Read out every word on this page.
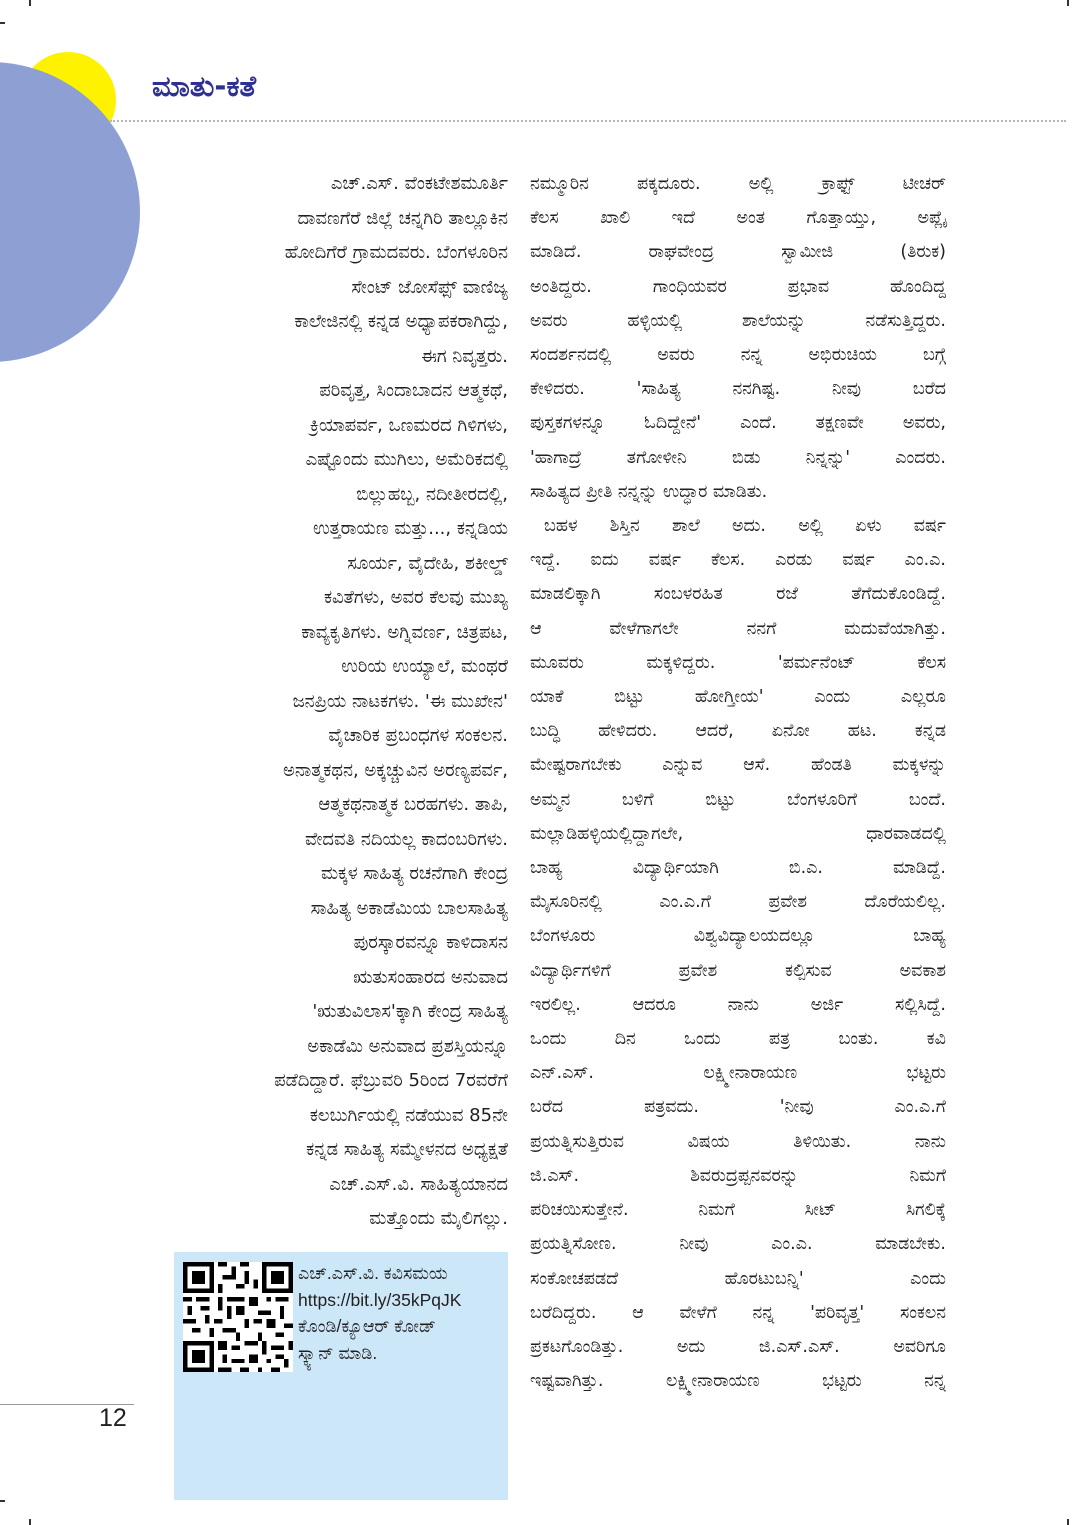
ಮಾತು-ಕತೆ

ಎಚ್.ಎಸ್. ವೆಂಕಟೇಶಮೂರ್ತಿ
ದಾವಣಗೆರೆ ಜಿಲ್ಲೆ ಚನ್ನಗಿರಿ ತಾಲ್ಲೂಕಿನ
ಹೋದಿಗೆರೆ ಗ್ರಾಮದವರು. ಬೆಂಗಳೂರಿನ
ಸೇಂಟ್ ಜೋಸೆಫ್ಸ್ ವಾಣಿಜ್ಯ
ಕಾಲೇಜಿನಲ್ಲಿ ಕನ್ನಡ ಅಧ್ಯಾಪಕರಾಗಿದ್ದು,
ಈಗ ನಿವೃತ್ತರು.

ಪರಿವೃತ್ತ, ಸಿಂದಾಬಾದನ ಆತ್ಮಕಥೆ,
ಕ್ರಿಯಾಪರ್ವ, ಒಣಮರದ ಗಿಳಿಗಳು,
ಎಷ್ಟೊಂದು ಮುಗಿಲು, ಅಮೆರಿಕದಲ್ಲಿ
ಬಿಲ್ಲುಹಬ್ಬ, ನದೀತೀರದಲ್ಲಿ,
ಉತ್ತರಾಯಣ ಮತ್ತು..., ಕನ್ನಡಿಯ
ಸೂರ್ಯ, ವೈದೇಹಿ, ಶಕೀಲ್ಡ್
ಕವಿತೆಗಳು, ಅವರ ಕೆಲವು ಮುಖ್ಯ
ಕಾವ್ಯಕೃತಿಗಳು. ಅಗ್ನಿವರ್ಣ, ಚಿತ್ರಪಟ,
ಉರಿಯ ಉಯ್ಯಾಲೆ, ಮಂಥರೆ
ಜನಪ್ರಿಯ ನಾಟಕಗಳು. 'ಈ ಮುಖೇನ'
ವೈಚಾರಿಕ ಪ್ರಬಂಧಗಳ ಸಂಕಲನ.
ಅನಾತ್ಮಕಥನ, ಅಕ್ಕಚ್ಚುವಿನ ಅರಣ್ಯಪರ್ವ,
ಆತ್ಮಕಥನಾತ್ಮಕ ಬರಹಗಳು. ತಾಪಿ,
ವೇದವತಿ ನದಿಯಲ್ಲ ಕಾದಂಬರಿಗಳು.
ಮಕ್ಕಳ ಸಾಹಿತ್ಯ ರಚನೆಗಾಗಿ ಕೇಂದ್ರ
ಸಾಹಿತ್ಯ ಅಕಾಡೆಮಿಯ ಬಾಲಸಾಹಿತ್ಯ
ಪುರಸ್ಕಾರವನ್ನೂ ಕಾಳಿದಾಸನ
ಋತುಸಂಹಾರದ ಅನುವಾದ
'ಋತುವಿಲಾಸ'ಕ್ಕಾಗಿ ಕೇಂದ್ರ ಸಾಹಿತ್ಯ
ಅಕಾಡೆಮಿ ಅನುವಾದ ಪ್ರಶಸ್ತಿಯನ್ನೂ
ಪಡೆದಿದ್ದಾರೆ. ಫೆಬ್ರುವರಿ 5ರಿಂದ 7ರವರೆಗೆ
ಕಲಬುರ್ಗಿಯಲ್ಲಿ ನಡೆಯುವ 85ನೇ
ಕನ್ನಡ ಸಾಹಿತ್ಯ ಸಮ್ಮೇಳನದ ಅಧ್ಯಕ್ಷತೆ
ಎಚ್.ಎಸ್.ವಿ. ಸಾಹಿತ್ಯಯಾನದ
ಮತ್ತೊಂದು ಮೈಲಿಗಲ್ಲು.

ಎಚ್.ಎಸ್.ವಿ. ಕವಿಸಮಯ
https://bit.ly/35kPqJK
ಕೊಂಡಿ/ಕ್ಯೂಆರ್ ಕೋಡ್
ಸ್ಕ್ಯಾನ್ ಮಾಡಿ.
12
ನಮ್ಮೂರಿನ	ಪಕ್ಕದೂರು.	ಅಲ್ಲಿ	ಕ್ರಾಫ್ಟ್	ಟೀಚರ್
ಕೆಲಸ ಖಾಲಿ ಇದೆ ಅಂತ ಗೊತ್ತಾಯ್ತು, ಅಪ್ಲೈ
ಮಾಡಿದೆ.	ರಾಘವೇಂದ್ರ	ಸ್ವಾಮೀಜಿ	(ತಿರುಕ)
ಅಂತಿದ್ದರು.	ಗಾಂಧಿಯವರ	ಪ್ರಭಾವ	ಹೊಂದಿದ್ದ
ಅವರು	ಹಳ್ಳಿಯಲ್ಲಿ	ಶಾಲೆಯನ್ನು	ನಡೆಸುತ್ತಿದ್ದರು.
ಸಂದರ್ಶನದಲ್ಲಿ	ಅವರು	ನನ್ನ	ಅಭಿರುಚಿಯ	ಬಗ್ಗೆ
ಕೇಳಿದರು.	'ಸಾಹಿತ್ಯ	ನನಗಿಷ್ಟ.	ನೀವು	ಬರೆದ
ಪುಸ್ತಕಗಳನ್ನೂ ಓದಿದ್ದೇನೆ' ಎಂದೆ. ತಕ್ಷಣವೇ ಅವರು,
'ಹಾಗಾದ್ರೆ	ತಗೋಳೀನಿ	ಬಿಡು	ನಿನ್ನನ್ನು'	ಎಂದರು.
ಸಾಹಿತ್ಯದ ಪ್ರೀತಿ ನನ್ನನ್ನು ಉದ್ಧಾರ ಮಾಡಿತು.
ಬಹಳ ಶಿಸ್ತಿನ ಶಾಲೆ ಅದು. ಅಲ್ಲಿ ಏಳು ವರ್ಷ
ಇದ್ದೆ. ಐದು ವರ್ಷ ಕೆಲಸ. ಎರಡು ವರ್ಷ ಎಂ.ಎ.
ಮಾಡಲಿಕ್ಕಾಗಿ	ಸಂಬಳರಹಿತ	ರಜೆ	ತೆಗೆದುಕೊಂಡಿದ್ದೆ.
ಆ	ವೇಳೆಗಾಗಲೇ	ನನಗೆ	ಮದುವೆಯಾಗಿತ್ತು.
ಮೂವರು	ಮಕ್ಕಳಿದ್ದರು.	'ಪರ್ಮನೆಂಟ್	ಕೆಲಸ
ಯಾಕೆ	ಬಿಟ್ಟು	ಹೋಗ್ತೀಯ'	ಎಂದು	ಎಲ್ಲರೂ
ಬುದ್ಧಿ ಹೇಳಿದರು. ಆದರೆ, ಏನೋ ಹಟ. ಕನ್ನಡ
ಮೇಷ್ಟರಾಗಬೇಕು ಎನ್ನುವ ಆಸೆ. ಹೆಂಡತಿ ಮಕ್ಕಳನ್ನು
ಅಮ್ಮನ	ಬಳಿಗೆ	ಬಿಟ್ಟು	ಬೆಂಗಳೂರಿಗೆ	ಬಂದೆ.
ಮಲ್ಲಾಡಿಹಳ್ಳಿಯಲ್ಲಿದ್ದಾಗಲೇ,	ಧಾರವಾಡದಲ್ಲಿ
ಬಾಹ್ಯ	ವಿದ್ಯಾರ್ಥಿಯಾಗಿ	ಬಿ.ಎ.	ಮಾಡಿದ್ದೆ.
ಮೈಸೂರಿನಲ್ಲಿ	ಎಂ.ಎ.ಗೆ	ಪ್ರವೇಶ	ದೊರೆಯಲಿಲ್ಲ.
ಬೆಂಗಳೂರು	ವಿಶ್ವವಿದ್ಯಾಲಯದಲ್ಲೂ	ಬಾಹ್ಯ
ವಿದ್ಯಾರ್ಥಿಗಳಿಗೆ	ಪ್ರವೇಶ	ಕಲ್ಪಿಸುವ	ಅವಕಾಶ
ಇರಲಿಲ್ಲ.	ಆದರೂ	ನಾನು	ಅರ್ಜಿ	ಸಲ್ಲಿಸಿದ್ದೆ.
ಒಂದು	ದಿನ	ಒಂದು	ಪತ್ರ	ಬಂತು.	ಕವಿ
ಎನ್.ಎಸ್.	ಲಕ್ಷ್ಮೀನಾರಾಯಣ	ಭಟ್ಟರು
ಬರೆದ	ಪತ್ರವದು.	'ನೀವು	ಎಂ.ಎ.ಗೆ
ಪ್ರಯತ್ನಿಸುತ್ತಿರುವ	ವಿಷಯ	ತಿಳಿಯಿತು.	ನಾನು
ಜಿ.ಎಸ್.	ಶಿವರುದ್ರಪ್ಪನವರನ್ನು	ನಿಮಗೆ
ಪರಿಚಯಿಸುತ್ತೇನೆ.	ನಿಮಗೆ	ಸೀಟ್	ಸಿಗಲಿಕ್ಕೆ
ಪ್ರಯತ್ನಿಸೋಣ.	ನೀವು	ಎಂ.ಎ.	ಮಾಡಬೇಕು.
ಸಂಕೋಚಪಡದೆ	ಹೊರಟುಬನ್ನಿ'	ಎಂದು
ಬರೆದಿದ್ದರು. ಆ ವೇಳೆಗೆ ನನ್ನ 'ಪರಿವೃತ್ತ' ಸಂಕಲನ
ಪ್ರಕಟಗೊಂಡಿತ್ತು.	ಅದು	ಜಿ.ಎಸ್.ಎಸ್.	ಅವರಿಗೂ
ಇಷ್ಟವಾಗಿತ್ತು.	ಲಕ್ಷ್ಮೀನಾರಾಯಣ	ಭಟ್ಟರು	ನನ್ನ
